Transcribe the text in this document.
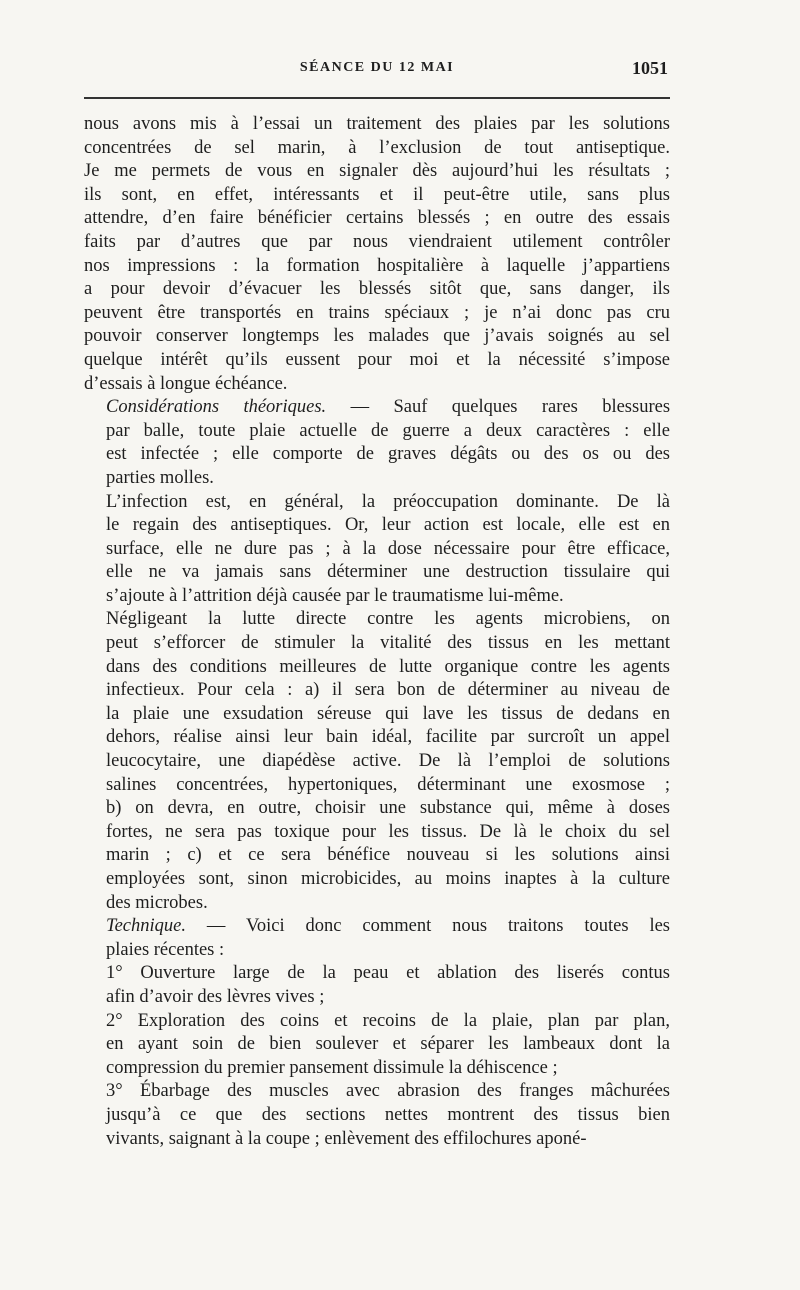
SÉANCE DU 12 MAI	1051

nous avons mis à l’essai un traitement des plaies par les solutions
concentrées de sel marin, à l’exclusion de tout antiseptique.
Je me permets de vous en signaler dès aujourd’hui les résultats ;
ils sont, en effet, intéressants et il peut-être utile, sans plus
attendre, d’en faire bénéficier certains blessés ; en outre des essais
faits par d’autres que par nous viendraient utilement contrôler
nos impressions : la formation hospitalière à laquelle j’appartiens
a pour devoir d’évacuer les blessés sitôt que, sans danger, ils
peuvent être transportés en trains spéciaux ; je n’ai donc pas cru
pouvoir conserver longtemps les malades que j’avais soignés au sel
quelque intérêt qu’ils eussent pour moi et la nécessité s’impose
d’essais à longue échéance.

Considérations théoriques. — Sauf quelques rares blessures
par balle, toute plaie actuelle de guerre a deux caractères : elle
est infectée ; elle comporte de graves dégâts ou des os ou des
parties molles.

L’infection est, en général, la préoccupation dominante. De là
le regain des antiseptiques. Or, leur action est locale, elle est en
surface, elle ne dure pas ; à la dose nécessaire pour être efficace,
elle ne va jamais sans déterminer une destruction tissulaire qui
s’ajoute à l’attrition déjà causée par le traumatisme lui-même.

Négligeant la lutte directe contre les agents microbiens, on
peut s’efforcer de stimuler la vitalité des tissus en les mettant
dans des conditions meilleures de lutte organique contre les agents
infectieux. Pour cela : a) il sera bon de déterminer au niveau de
la plaie une exsudation séreuse qui lave les tissus de dedans en
dehors, réalise ainsi leur bain idéal, facilite par surcroît un appel
leucocytaire, une diapédèse active. De là l’emploi de solutions
salines concentrées, hypertoniques, déterminant une exosmose ;
b) on devra, en outre, choisir une substance qui, même à doses
fortes, ne sera pas toxique pour les tissus. De là le choix du sel
marin ; c) et ce sera bénéfice nouveau si les solutions ainsi
employées sont, sinon microbicides, au moins inaptes à la culture
des microbes.

Technique. — Voici donc comment nous traitons toutes les
plaies récentes :

1° Ouverture large de la peau et ablation des liserés contus
afin d’avoir des lèvres vives ;

2° Exploration des coins et recoins de la plaie, plan par plan,
en ayant soin de bien soulever et séparer les lambeaux dont la
compression du premier pansement dissimule la déhiscence ;

3° Ébarbage des muscles avec abrasion des franges mâchurées
jusqu’à ce que des sections nettes montrent des tissus bien
vivants, saignant à la coupe ; enlèvement des effilochures aponé-
